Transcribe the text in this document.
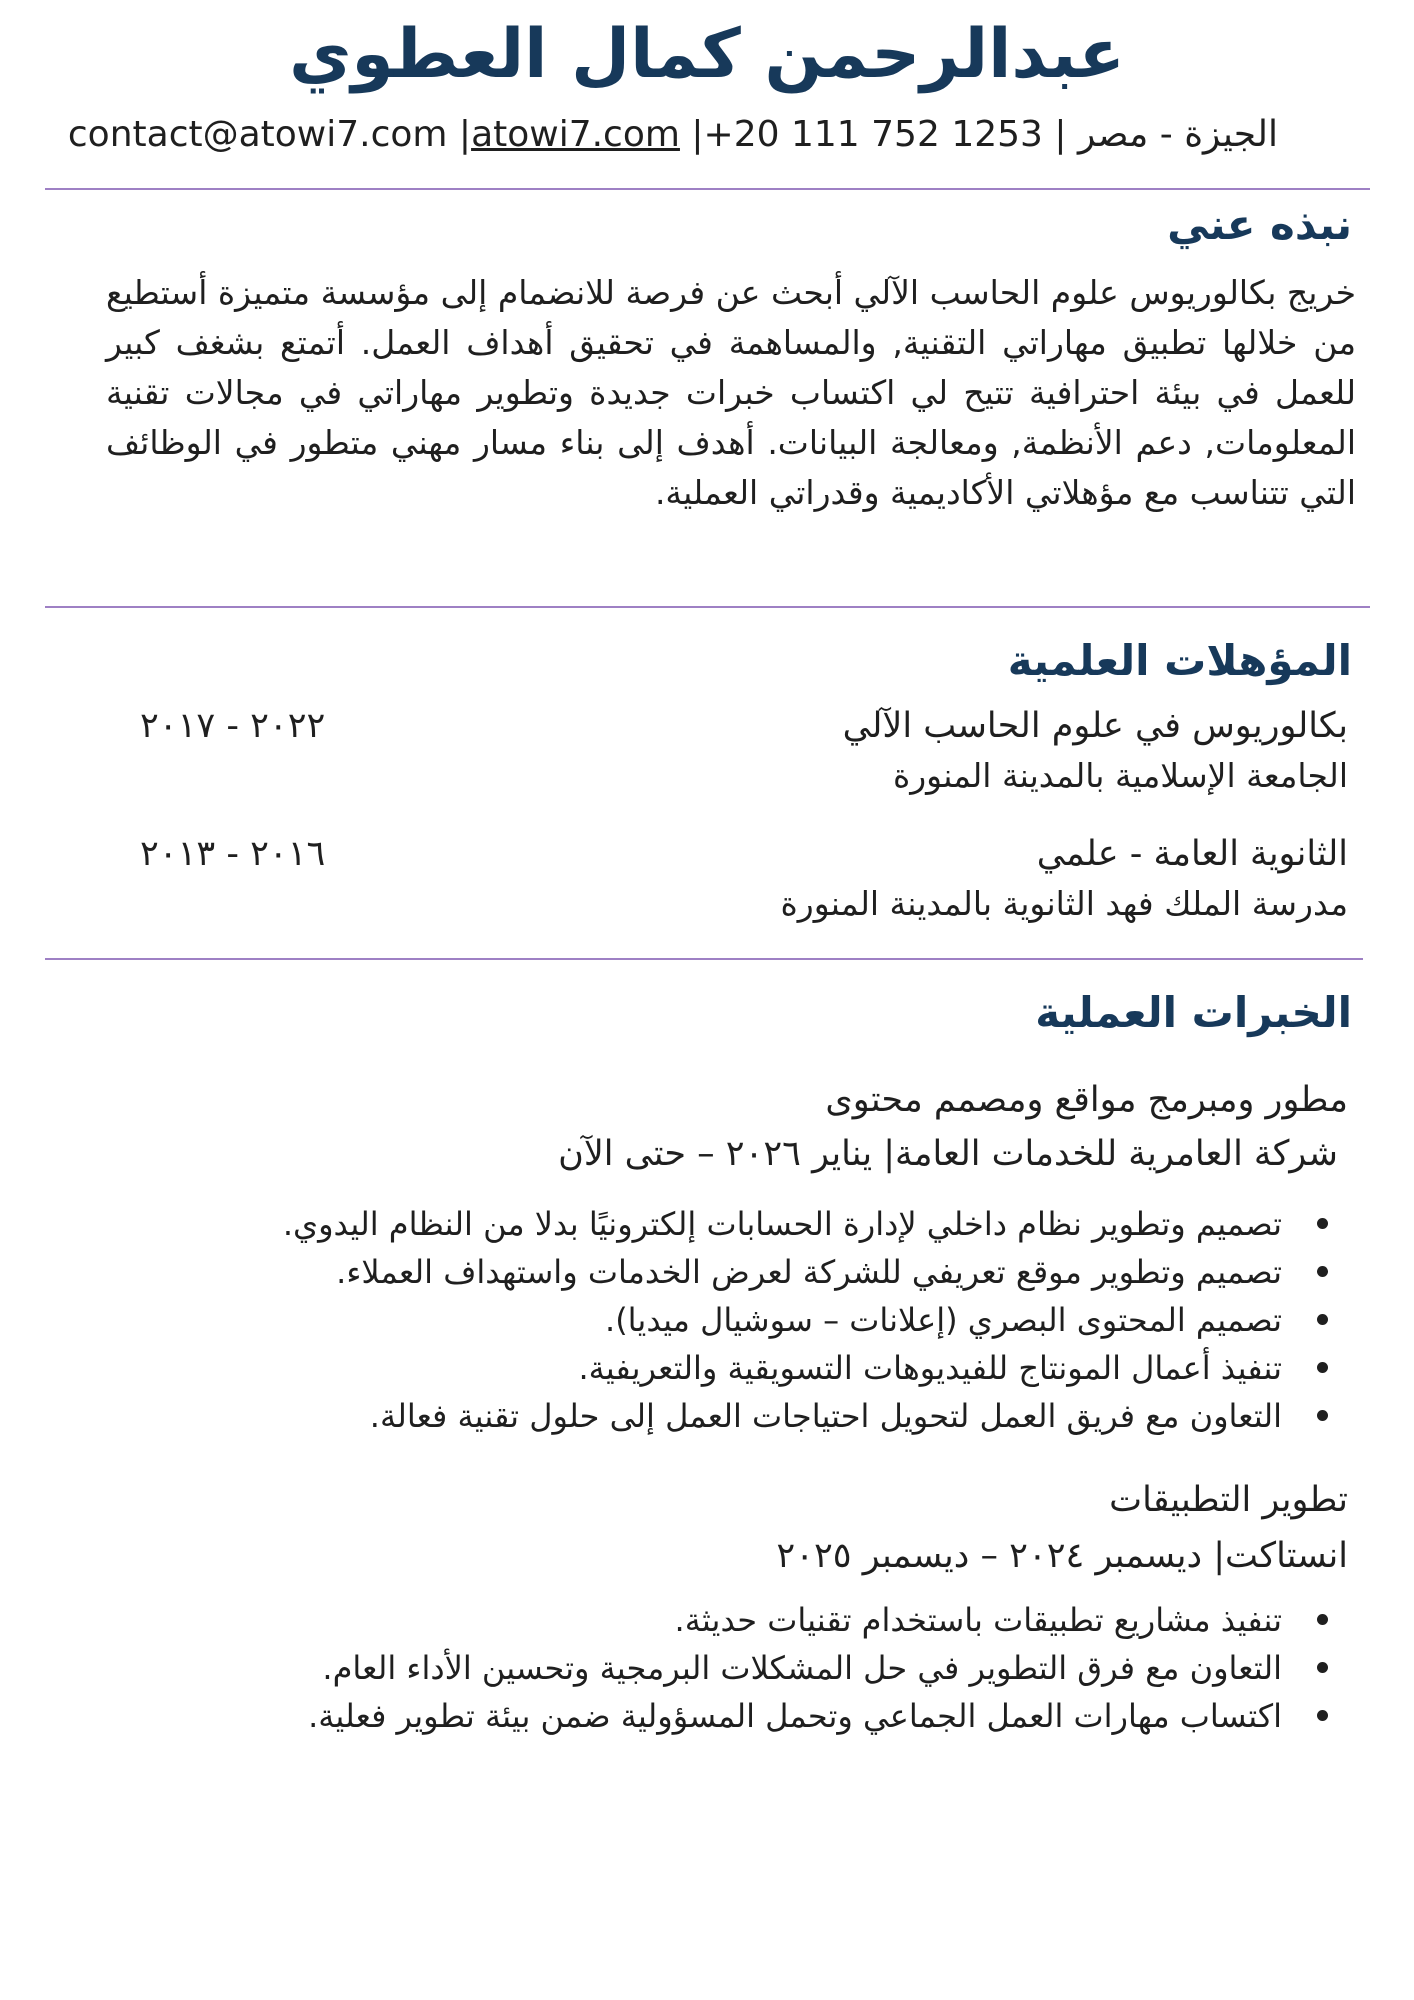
عبدالرحمن كمال العطوي
الجيزة - مصر | 1253 752 111 20+| contact@atowi7.com |atowi7.com
نبذه عني
خريج بكالوريوس علوم الحاسب الآلي أبحث عن فرصة للانضمام إلى مؤسسة متميزة أستطيع من خلالها تطبيق مهاراتي التقنية, والمساهمة في تحقيق أهداف العمل. أتمتع بشغف كبير للعمل في بيئة احترافية تتيح لي اكتساب خبرات جديدة وتطوير مهاراتي في مجالات تقنية المعلومات, دعم الأنظمة, ومعالجة البيانات. أهدف إلى بناء مسار مهني متطور في الوظائف التي تتناسب مع مؤهلاتي الأكاديمية وقدراتي العملية.
المؤهلات العلمية
بكالوريوس في علوم الحاسب الآلي
الجامعة الإسلامية بالمدينة المنورة
٢٠٢٢ - ٢٠١٧
الثانوية العامة - علمي
مدرسة الملك فهد الثانوية بالمدينة المنورة
٢٠١٦ - ٢٠١٣
الخبرات العملية
مطور ومبرمج مواقع ومصمم محتوى
شركة العامرية للخدمات العامة| يناير ٢٠٢٦ – حتى الآن
تصميم وتطوير نظام داخلي لإدارة الحسابات إلكترونيًا بدلا من النظام اليدوي.
تصميم وتطوير موقع تعريفي للشركة لعرض الخدمات واستهداف العملاء.
تصميم المحتوى البصري (إعلانات – سوشيال ميديا).
تنفيذ أعمال المونتاج للفيديوهات التسويقية والتعريفية.
التعاون مع فريق العمل لتحويل احتياجات العمل إلى حلول تقنية فعالة.
تطوير التطبيقات
انستاكت| ديسمبر ٢٠٢٤ – ديسمبر ٢٠٢٥
تنفيذ مشاريع تطبيقات باستخدام تقنيات حديثة.
التعاون مع فرق التطوير في حل المشكلات البرمجية وتحسين الأداء العام.
اكتساب مهارات العمل الجماعي وتحمل المسؤولية ضمن بيئة تطوير فعلية.
